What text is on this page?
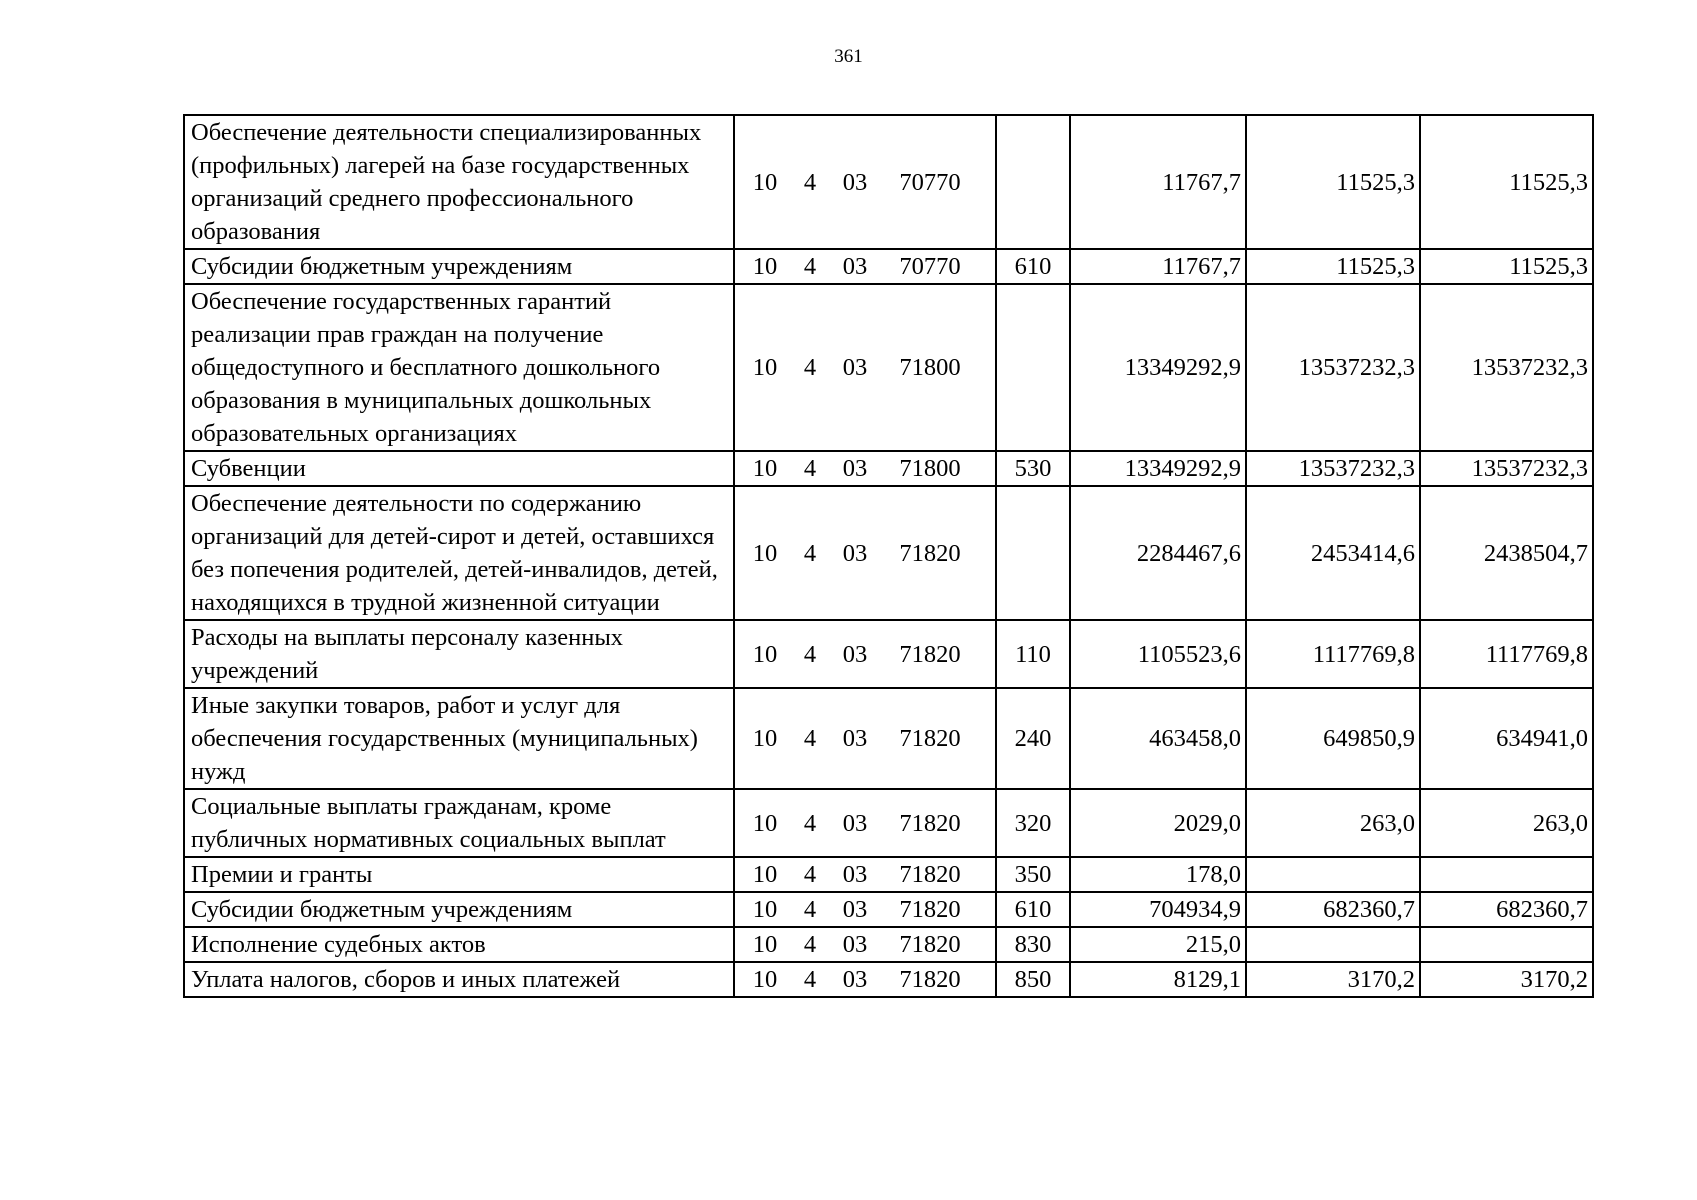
361
Обеспечение деятельности специализированных (профильных) лагерей на базе государственных организаций среднего профессионального образования	10 4 03 70770		11767,7	11525,3	11525,3
Субсидии бюджетным учреждениям	10 4 03 70770	610	11767,7	11525,3	11525,3
Обеспечение государственных гарантий реализации прав граждан на получение общедоступного и бесплатного дошкольного образования в муниципальных дошкольных образовательных организациях	10 4 03 71800		13349292,9	13537232,3	13537232,3
Субвенции	10 4 03 71800	530	13349292,9	13537232,3	13537232,3
Обеспечение деятельности по содержанию организаций для детей-сирот и детей, оставшихся без попечения родителей, детей-инвалидов, детей, находящихся в трудной жизненной ситуации	10 4 03 71820		2284467,6	2453414,6	2438504,7
Расходы на выплаты персоналу казенных учреждений	10 4 03 71820	110	1105523,6	1117769,8	1117769,8
Иные закупки товаров, работ и услуг для обеспечения государственных (муниципальных) нужд	10 4 03 71820	240	463458,0	649850,9	634941,0
Социальные выплаты гражданам, кроме публичных нормативных социальных выплат	10 4 03 71820	320	2029,0	263,0	263,0
Премии и гранты	10 4 03 71820	350	178,0		
Субсидии бюджетным учреждениям	10 4 03 71820	610	704934,9	682360,7	682360,7
Исполнение судебных актов	10 4 03 71820	830	215,0		
Уплата налогов, сборов и иных платежей	10 4 03 71820	850	8129,1	3170,2	3170,2
